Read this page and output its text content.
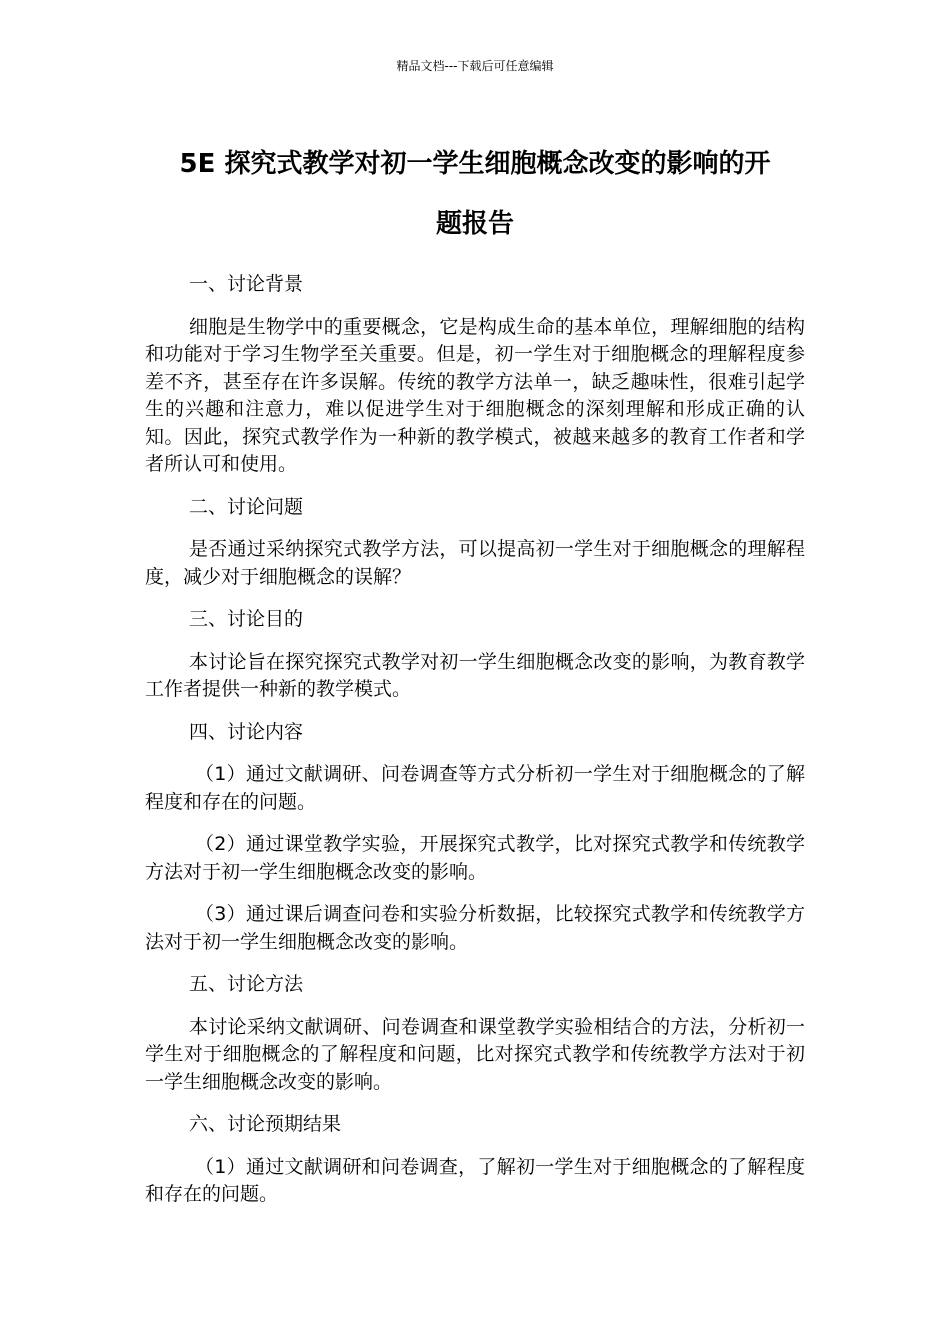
精品文档---下载后可任意编辑
5E 探究式教学对初一学生细胞概念改变的影响的开
题报告
一、讨论背景

细胞是生物学中的重要概念，它是构成生命的基本单位，理解细胞的结构和功能对于学习生物学至关重要。但是，初一学生对于细胞概念的理解程度参差不齐，甚至存在许多误解。传统的教学方法单一，缺乏趣味性，很难引起学生的兴趣和注意力，难以促进学生对于细胞概念的深刻理解和形成正确的认知。因此，探究式教学作为一种新的教学模式，被越来越多的教育工作者和学者所认可和使用。

二、讨论问题

是否通过采纳探究式教学方法，可以提高初一学生对于细胞概念的理解程度，减少对于细胞概念的误解？

三、讨论目的

本讨论旨在探究探究式教学对初一学生细胞概念改变的影响，为教育教学工作者提供一种新的教学模式。

四、讨论内容

（1）通过文献调研、问卷调查等方式分析初一学生对于细胞概念的了解程度和存在的问题。

（2）通过课堂教学实验，开展探究式教学，比对探究式教学和传统教学方法对于初一学生细胞概念改变的影响。

（3）通过课后调查问卷和实验分析数据，比较探究式教学和传统教学方法对于初一学生细胞概念改变的影响。

五、讨论方法

本讨论采纳文献调研、问卷调查和课堂教学实验相结合的方法，分析初一学生对于细胞概念的了解程度和问题，比对探究式教学和传统教学方法对于初一学生细胞概念改变的影响。

六、讨论预期结果

（1）通过文献调研和问卷调查，了解初一学生对于细胞概念的了解程度和存在的问题。
